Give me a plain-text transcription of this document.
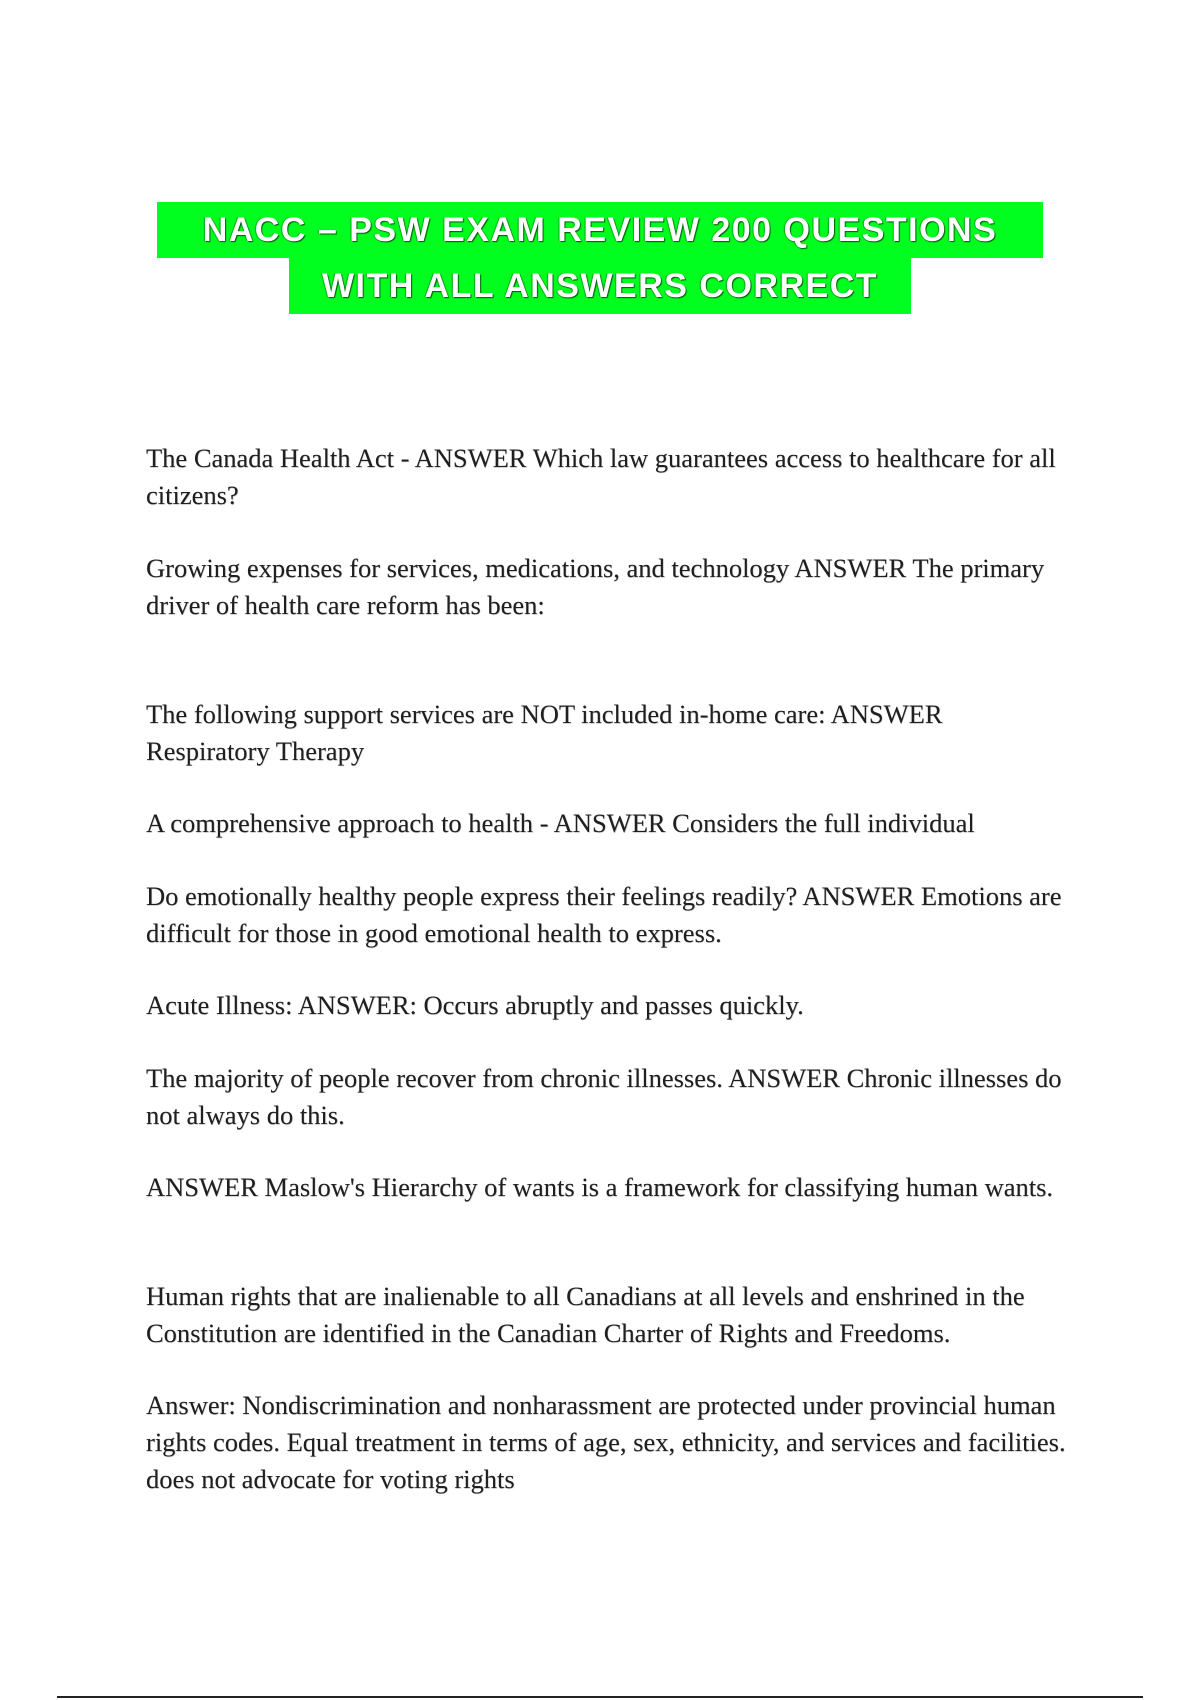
NACC – PSW EXAM REVIEW 200 QUESTIONS
WITH ALL ANSWERS CORRECT

The Canada Health Act - ANSWER Which law guarantees access to healthcare for all citizens?

Growing expenses for services, medications, and technology ANSWER The primary driver of health care reform has been:

The following support services are NOT included in-home care: ANSWER Respiratory Therapy

A comprehensive approach to health - ANSWER Considers the full individual

Do emotionally healthy people express their feelings readily? ANSWER Emotions are difficult for those in good emotional health to express.

Acute Illness: ANSWER: Occurs abruptly and passes quickly.

The majority of people recover from chronic illnesses. ANSWER Chronic illnesses do not always do this.

ANSWER Maslow's Hierarchy of wants is a framework for classifying human wants.

Human rights that are inalienable to all Canadians at all levels and enshrined in the Constitution are identified in the Canadian Charter of Rights and Freedoms.

Answer: Nondiscrimination and nonharassment are protected under provincial human rights codes. Equal treatment in terms of age, sex, ethnicity, and services and facilities. does not advocate for voting rights
